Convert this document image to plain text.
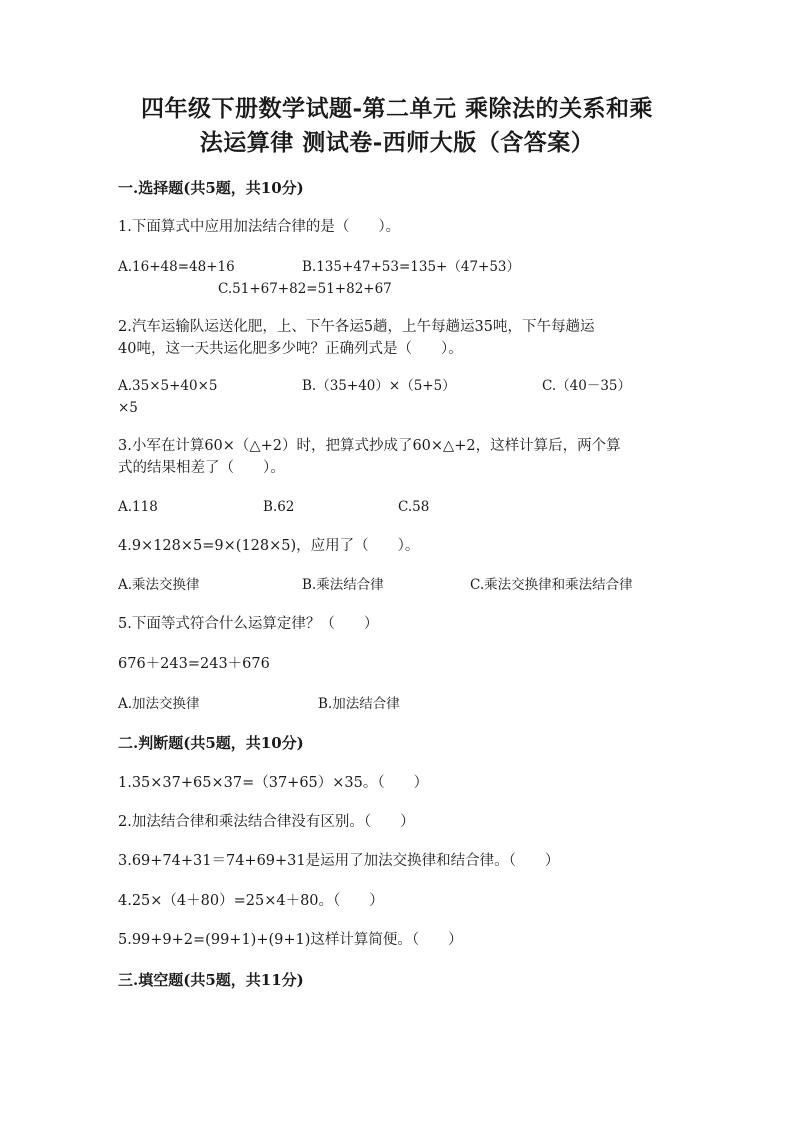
四年级下册数学试题-第二单元 乘除法的关系和乘
法运算律 测试卷-西师大版（含答案）
一.选择题(共5题，共10分)
1.下面算式中应用加法结合律的是（　　）。
A.16+48=48+16	B.135+47+53=135+（47+53）
C.51+67+82=51+82+67
2.汽车运输队运送化肥，上、下午各运5趟，上午每趟运35吨，下午每趟运
40吨，这一天共运化肥多少吨？正确列式是（　　）。
A.35×5+40×5	B.（35+40）×（5+5）	C.（40－35）
×5
3.小军在计算60×（△+2）时，把算式抄成了60×△+2，这样计算后，两个算
式的结果相差了（　　）。
A.118	B.62	C.58
4.9×128×5=9×(128×5)，应用了（　　）。
A.乘法交换律	B.乘法结合律	C.乘法交换律和乘法结合律
5.下面等式符合什么运算定律？（　　）
676＋243=243＋676
A.加法交换律	B.加法结合律
二.判断题(共5题，共10分)
1.35×37+65×37=（37+65）×35。（　　）
2.加法结合律和乘法结合律没有区别。（　　）
3.69+74+31＝74+69+31是运用了加法交换律和结合律。（　　）
4.25×（4＋80）=25×4＋80。（　　）
5.99+9+2=(99+1)+(9+1)这样计算简便。（　　）
三.填空题(共5题，共11分)
